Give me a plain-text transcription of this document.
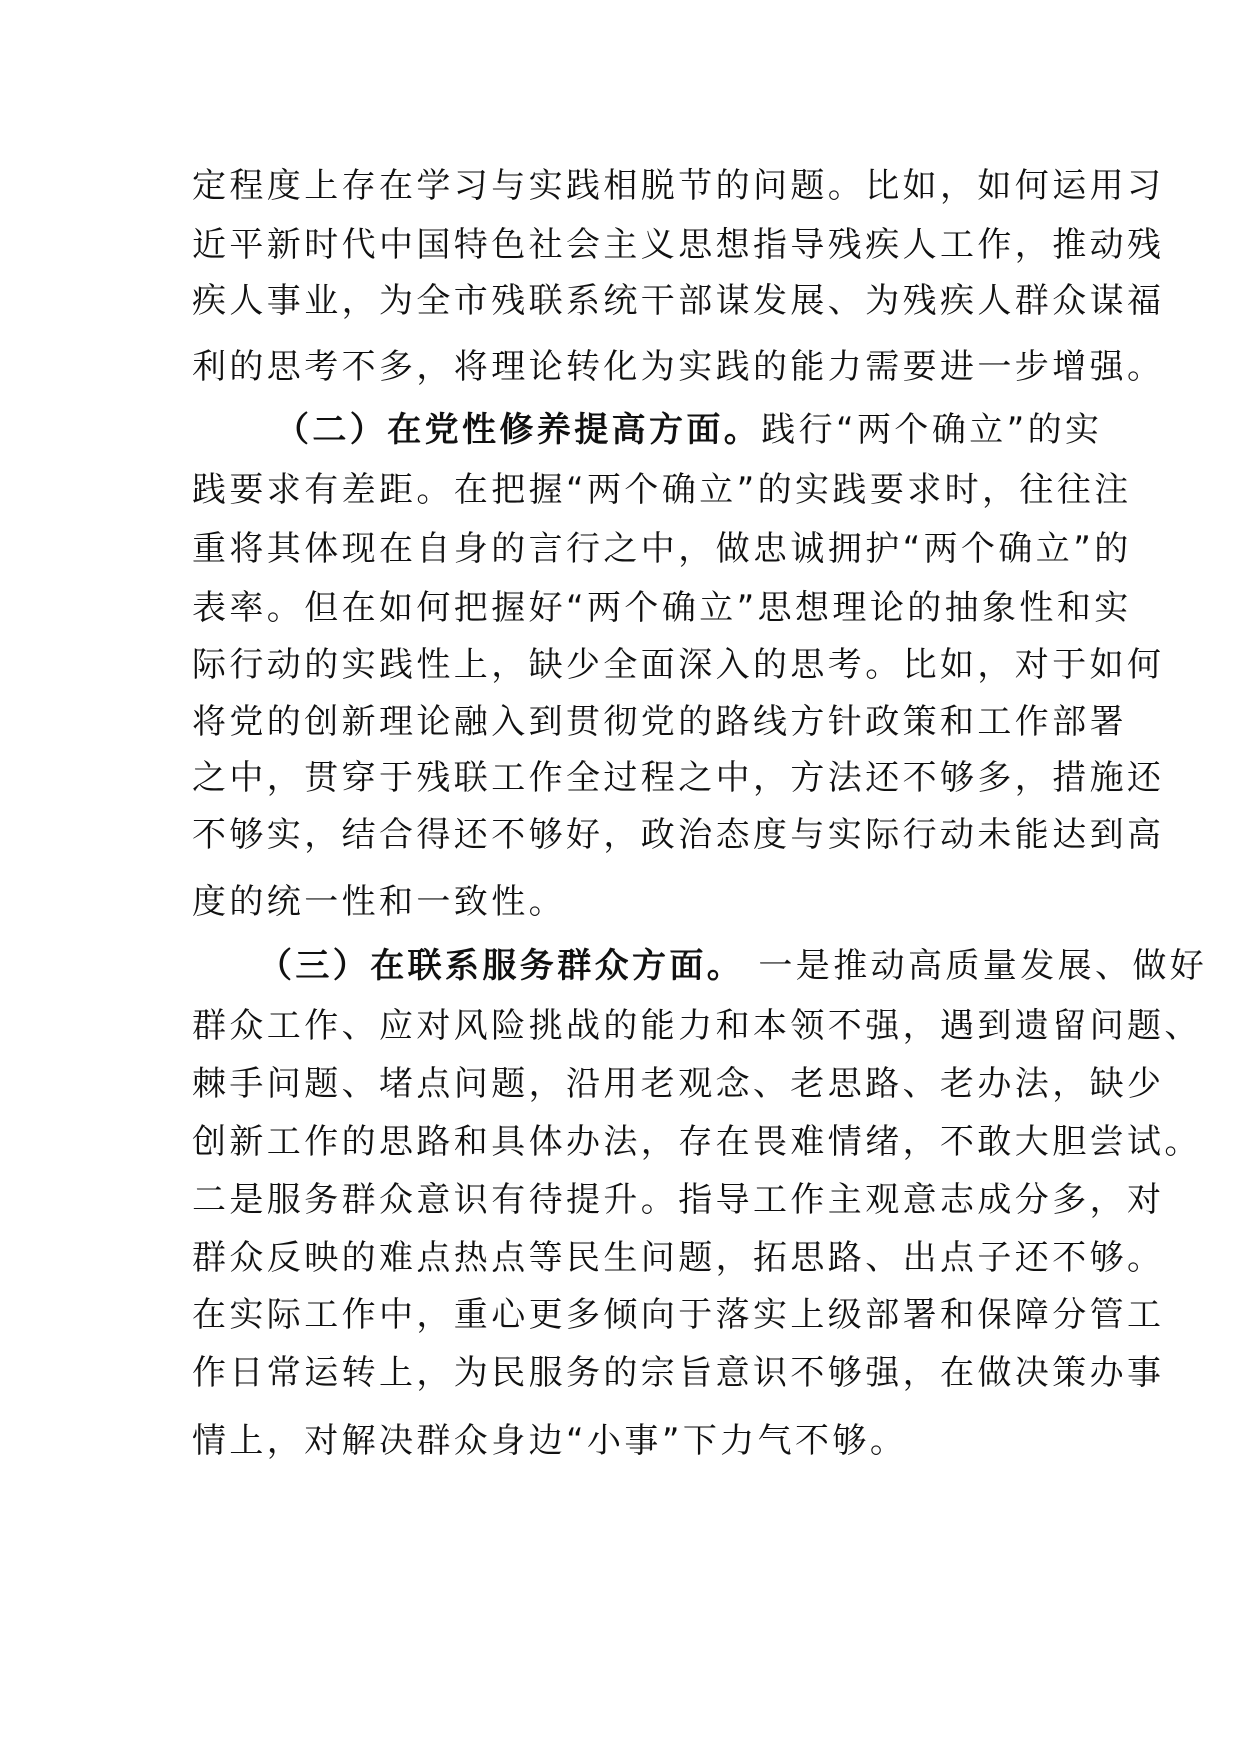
定程度上存在学习与实践相脱节的问题。比如，如何运用习
近平新时代中国特色社会主义思想指导残疾人工作，推动残
疾人事业，为全市残联系统干部谋发展、为残疾人群众谋福
利的思考不多，将理论转化为实践的能力需要进一步增强。
（二）在党性修养提高方面。践行“两个确立”的实
践要求有差距。在把握“两个确立”的实践要求时，往往注
重将其体现在自身的言行之中，做忠诚拥护“两个确立”的
表率。但在如何把握好“两个确立”思想理论的抽象性和实
际行动的实践性上，缺少全面深入的思考。比如，对于如何
将党的创新理论融入到贯彻党的路线方针政策和工作部署
之中，贯穿于残联工作全过程之中，方法还不够多，措施还
不够实，结合得还不够好，政治态度与实际行动未能达到高
度的统一性和一致性。
（三）在联系服务群众方面。 一是推动高质量发展、做好
群众工作、应对风险挑战的能力和本领不强，遇到遗留问题、
棘手问题、堵点问题，沿用老观念、老思路、老办法，缺少
创新工作的思路和具体办法，存在畏难情绪，不敢大胆尝试。
二是服务群众意识有待提升。指导工作主观意志成分多，对
群众反映的难点热点等民生问题，拓思路、出点子还不够。
在实际工作中，重心更多倾向于落实上级部署和保障分管工
作日常运转上，为民服务的宗旨意识不够强，在做决策办事
情上，对解决群众身边“小事”下力气不够。
